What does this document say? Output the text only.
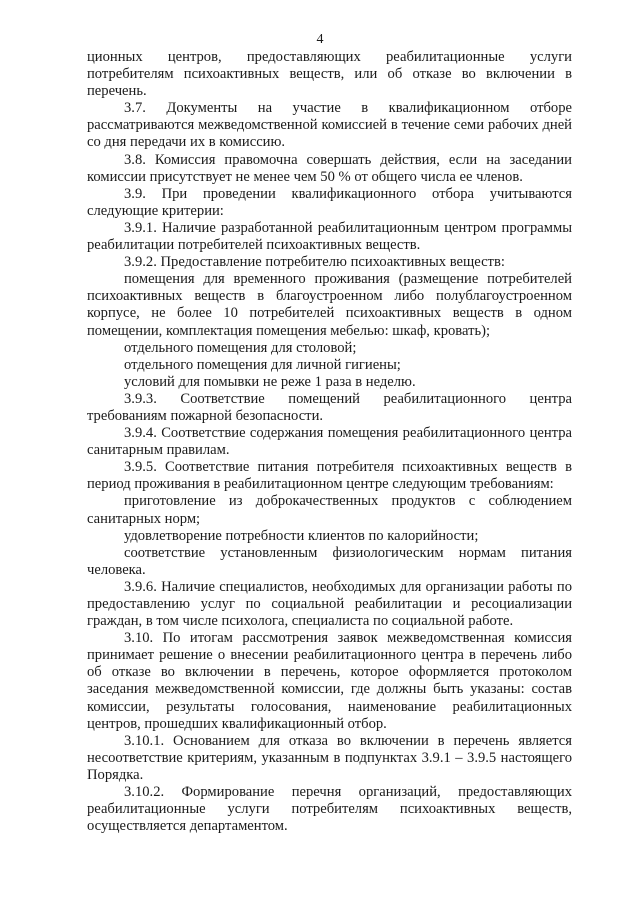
4

ционных центров, предоставляющих реабилитационные услуги потребителям психоактивных веществ, или об отказе во включении в перечень.

3.7. Документы на участие в квалификационном отборе рассматриваются межведомственной комиссией в течение семи рабочих дней со дня передачи их в комиссию.

3.8. Комиссия правомочна совершать действия, если на заседании комиссии присутствует не менее чем 50 % от общего числа ее членов.

3.9. При проведении квалификационного отбора учитываются следующие критерии:

3.9.1. Наличие разработанной реабилитационным центром программы реабилитации потребителей психоактивных веществ.

3.9.2. Предоставление потребителю психоактивных веществ:

помещения для временного проживания (размещение потребителей психоактивных веществ в благоустроенном либо полублагоустроенном корпусе, не более 10 потребителей психоактивных веществ в одном помещении, комплектация помещения мебелью: шкаф, кровать);

отдельного помещения для столовой;

отдельного помещения для личной гигиены;

условий для помывки не реже 1 раза в неделю.

3.9.3. Соответствие помещений реабилитационного центра требованиям пожарной безопасности.

3.9.4. Соответствие содержания помещения реабилитационного центра санитарным правилам.

3.9.5. Соответствие питания потребителя психоактивных веществ в период проживания в реабилитационном центре следующим требованиям:

приготовление из доброкачественных продуктов с соблюдением санитарных норм;

удовлетворение потребности клиентов по калорийности;

соответствие установленным физиологическим нормам питания человека.

3.9.6. Наличие специалистов, необходимых для организации работы по предоставлению услуг по социальной реабилитации и ресоциализации граждан, в том числе психолога, специалиста по социальной работе.

3.10. По итогам рассмотрения заявок межведомственная комиссия принимает решение о внесении реабилитационного центра в перечень либо об отказе во включении в перечень, которое оформляется протоколом заседания межведомственной комиссии, где должны быть указаны: состав комиссии, результаты голосования, наименование реабилитационных центров, прошедших квалификационный отбор.

3.10.1. Основанием для отказа во включении в перечень является несоответствие критериям, указанным в подпунктах 3.9.1 – 3.9.5 настоящего Порядка.

3.10.2. Формирование перечня организаций, предоставляющих реабилитационные услуги потребителям психоактивных веществ, осуществляется департаментом.
